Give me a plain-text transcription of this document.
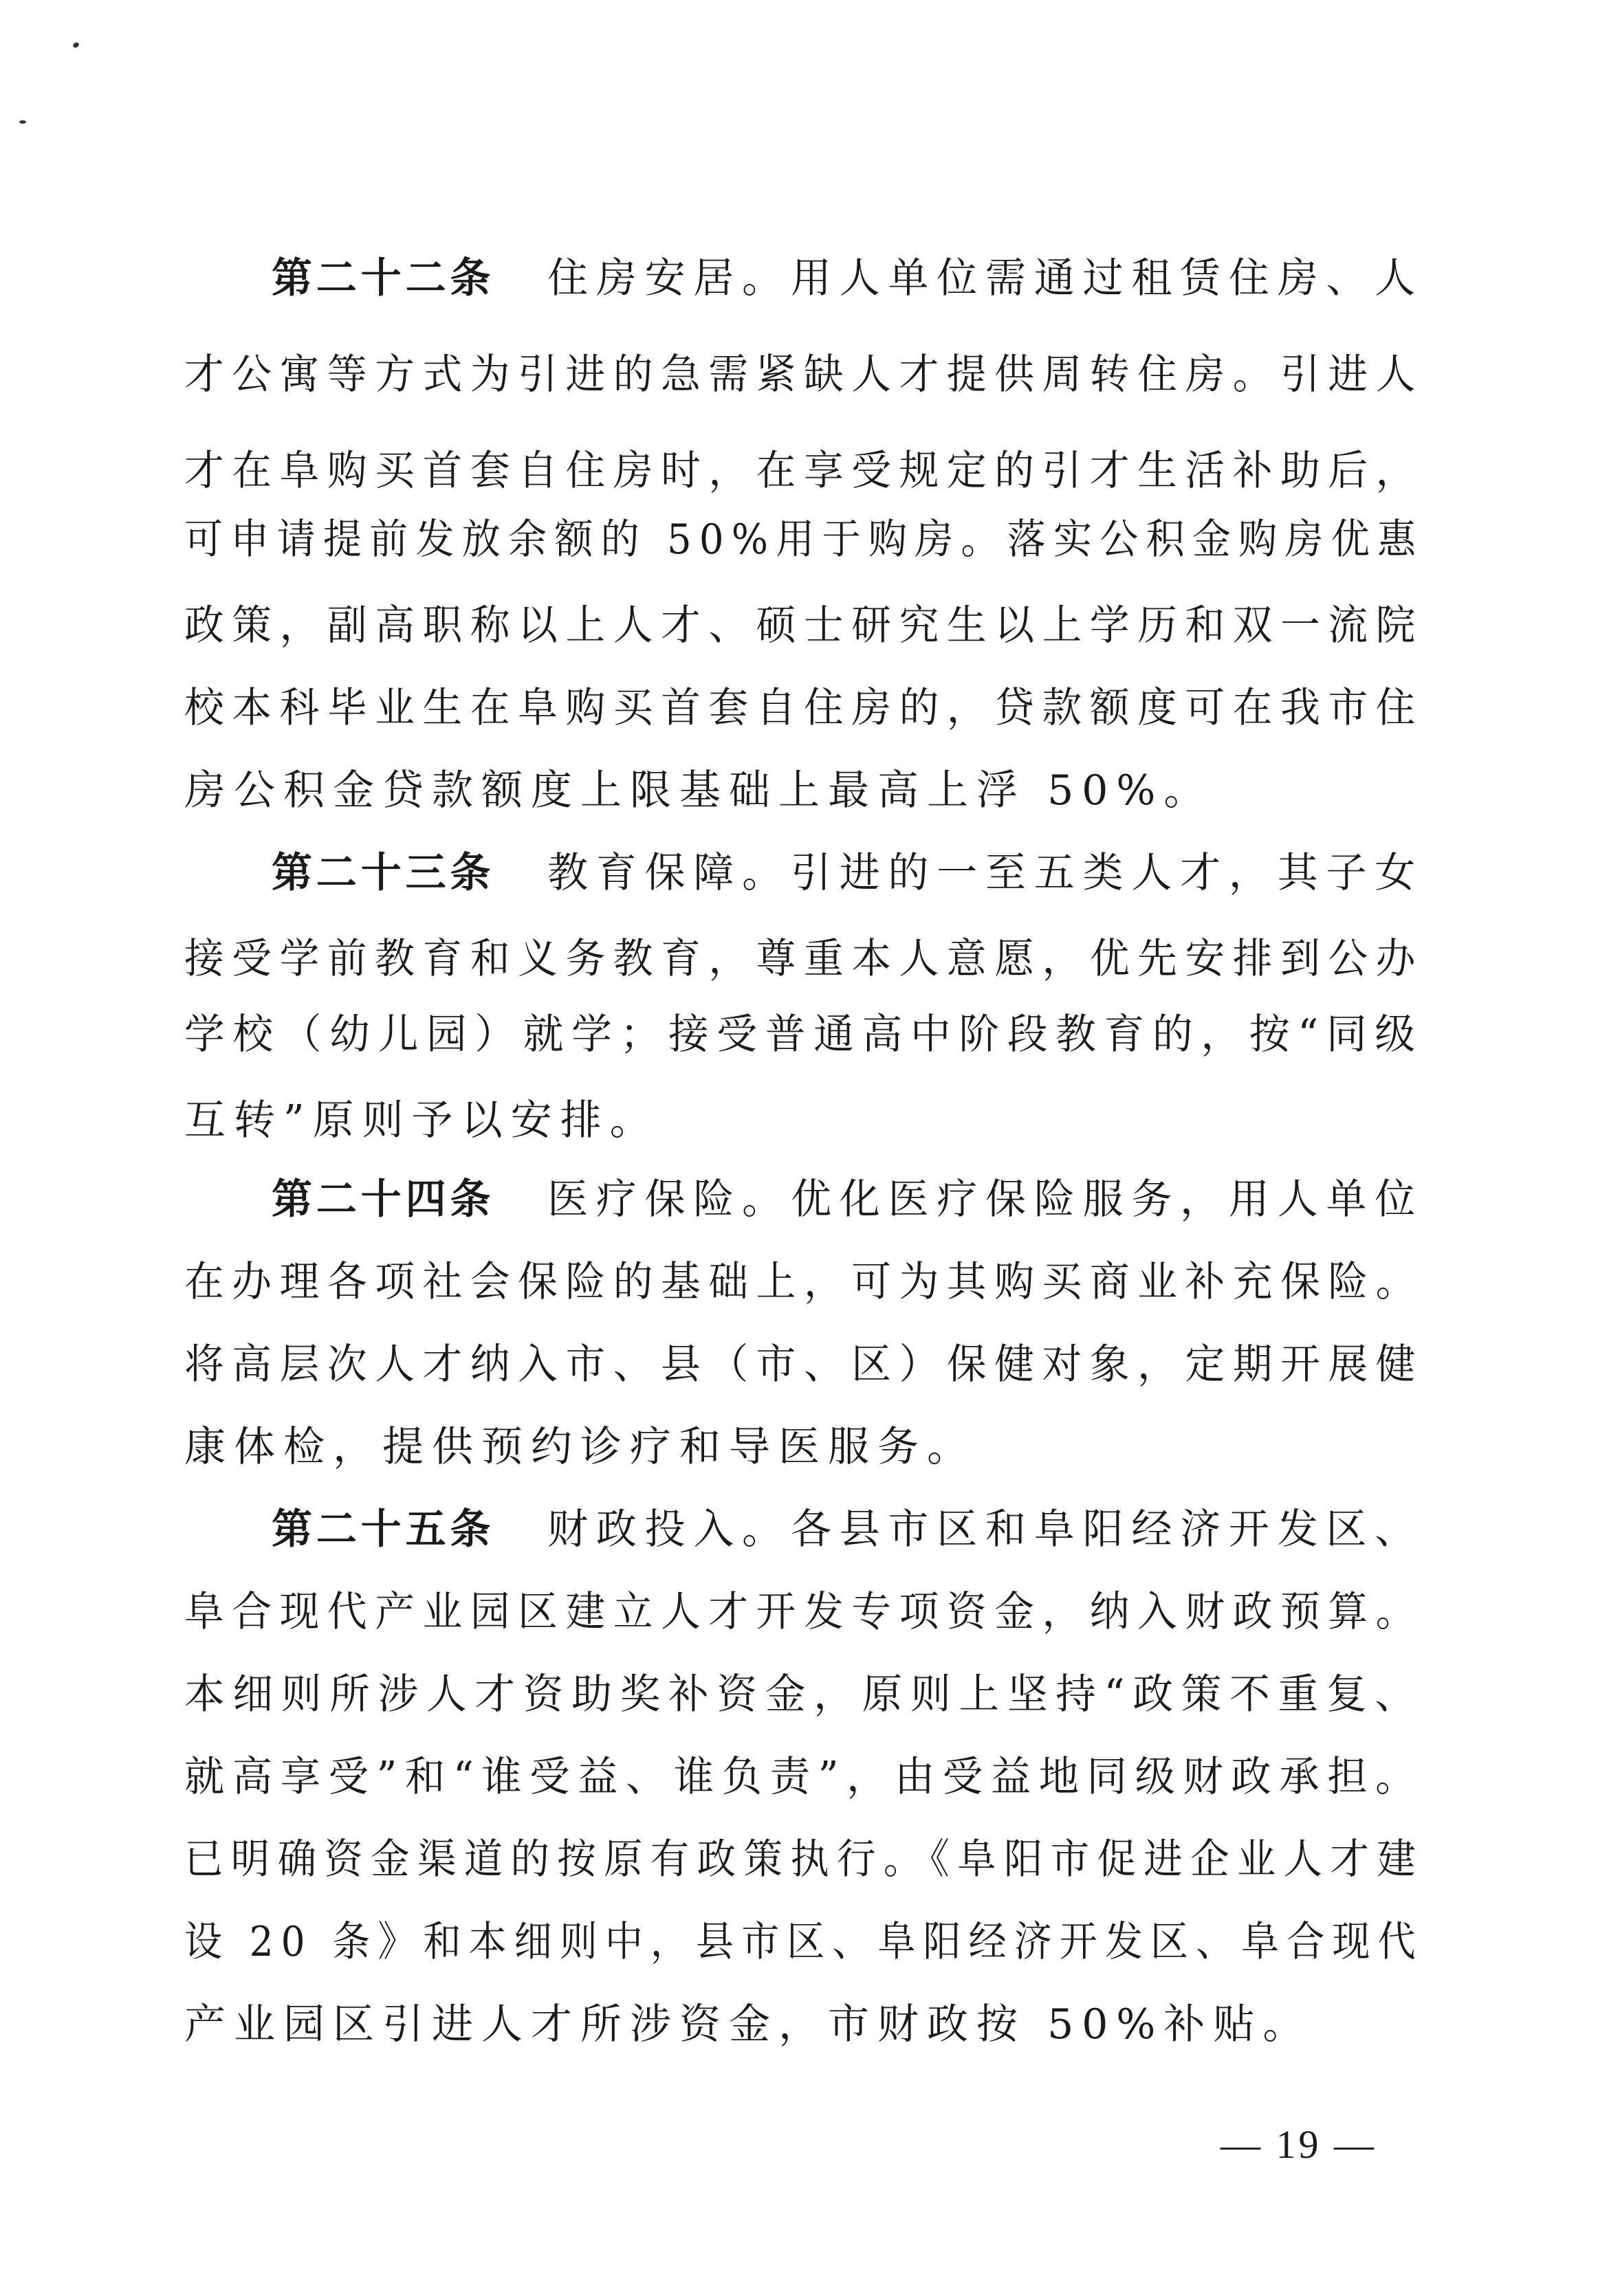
第二十二条 住房安居。用人单位需通过租赁住房、人
才公寓等方式为引进的急需紧缺人才提供周转住房。引进人
才在阜购买首套自住房时，在享受规定的引才生活补助后，
可申请提前发放余额的 50%用于购房。落实公积金购房优惠
政策，副高职称以上人才、硕士研究生以上学历和双一流院
校本科毕业生在阜购买首套自住房的，贷款额度可在我市住
房公积金贷款额度上限基础上最高上浮 50%。
第二十三条 教育保障。引进的一至五类人才，其子女
接受学前教育和义务教育，尊重本人意愿，优先安排到公办
学校（幼儿园）就学；接受普通高中阶段教育的，按“同级
互转”原则予以安排。
第二十四条 医疗保险。优化医疗保险服务，用人单位
在办理各项社会保险的基础上，可为其购买商业补充保险。
将高层次人才纳入市、县（市、区）保健对象，定期开展健
康体检，提供预约诊疗和导医服务。
第二十五条 财政投入。各县市区和阜阳经济开发区、
阜合现代产业园区建立人才开发专项资金，纳入财政预算。
本细则所涉人才资助奖补资金，原则上坚持“政策不重复、
就高享受”和“谁受益、谁负责”，由受益地同级财政承担。
已明确资金渠道的按原有政策执行。《阜阳市促进企业人才建
设 20 条》和本细则中，县市区、阜阳经济开发区、阜合现代
产业园区引进人才所涉资金，市财政按 50%补贴。
— 19 —
